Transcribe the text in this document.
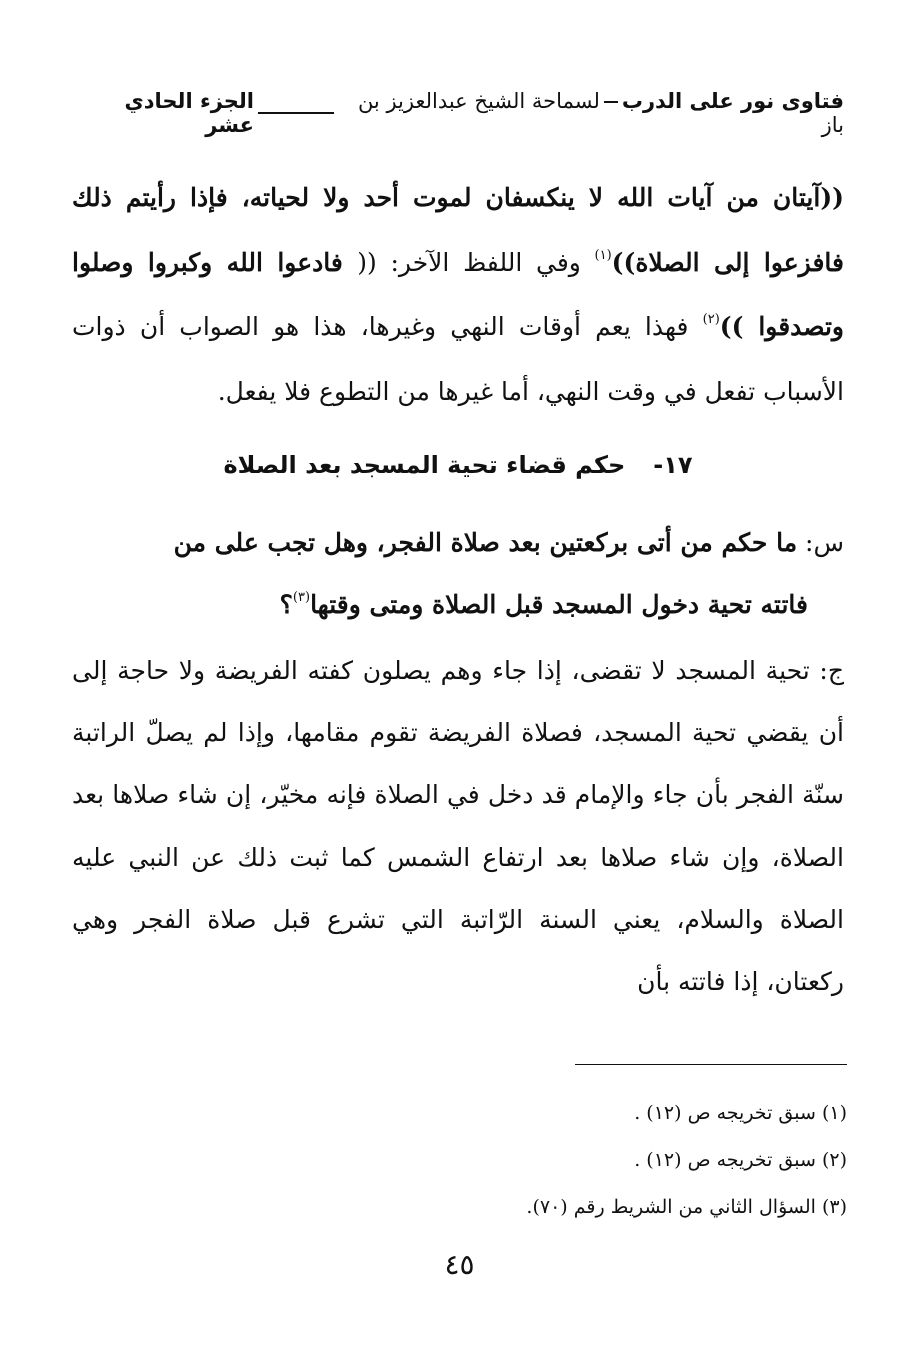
فتاوى نور على الدربلسماحة الشيخ عبدالعزيز بن باز
الجزء الحادي عشر
((آيتان من آيات الله لا ينكسفان لموت أحد ولا لحياته، فإذا رأيتم ذلك فافزعوا إلى الصلاة))$^{(١)}$ وفي اللفظ الآخر: (( فادعوا الله وكبروا وصلوا وتصدقوا ))$^{(٢)}$ فهذا يعم أوقات النهي وغيرها، هذا هو الصواب أن ذوات الأسباب تفعل في وقت النهي، أما غيرها من التطوع فلا يفعل.
١٧-حكم قضاء تحية المسجد بعد الصلاة
س: ما حكم من أتى بركعتين بعد صلاة الفجر، وهل تجب على من
فاتته تحية دخول المسجد قبل الصلاة ومتى وقتها$^{(٣)}$؟
ج: تحية المسجد لا تقضى، إذا جاء وهم يصلون كفته الفريضة ولا حاجة إلى أن يقضي تحية المسجد، فصلاة الفريضة تقوم مقامها، وإذا لم يصلّ الراتبة سنّة الفجر بأن جاء والإمام قد دخل في الصلاة فإنه مخيّر، إن شاء صلاها بعد الصلاة، وإن شاء صلاها بعد ارتفاع الشمس كما ثبت ذلك عن النبي عليه الصلاة والسلام، يعني السنة الرّاتبة التي تشرع قبل صلاة الفجر وهي ركعتان، إذا فاتته بأن
(١) سبق تخريجه ص (١٢) .
(٢) سبق تخريجه ص (١٢) .
(٣) السؤال الثاني من الشريط رقم (٧٠).
٤٥
